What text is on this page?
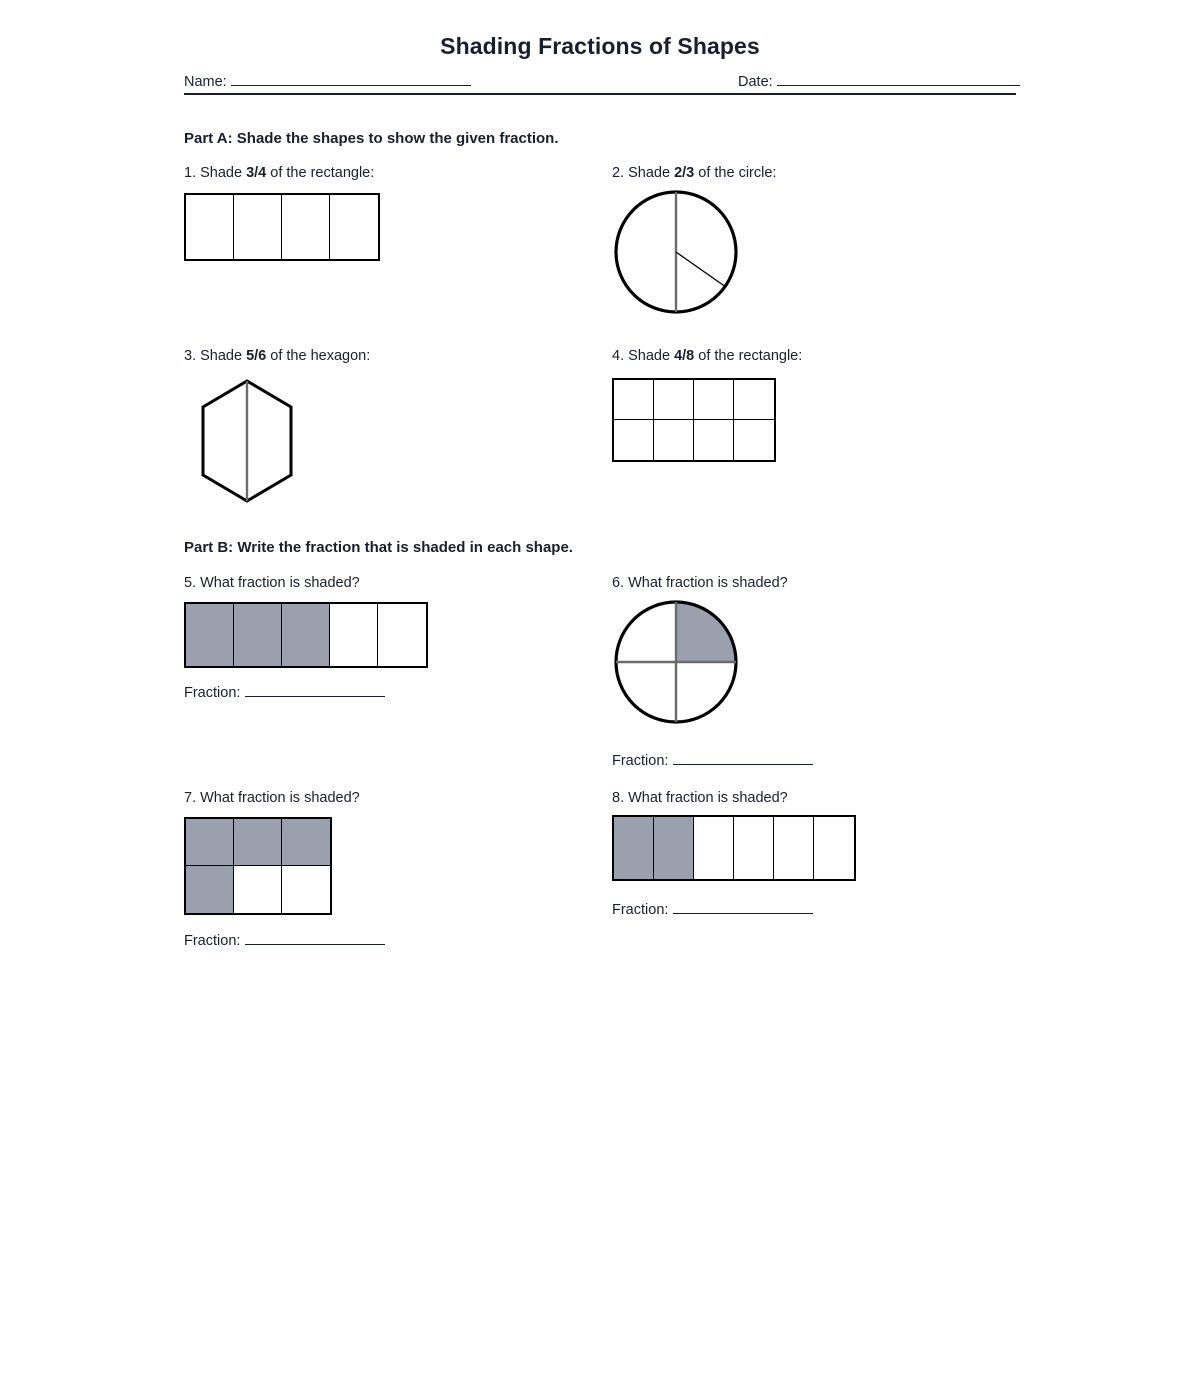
Shading Fractions of Shapes
Name:	Date:
Part A: Shade the shapes to show the given fraction.
1. Shade 3/4 of the rectangle:	2. Shade 2/3 of the circle:
3. Shade 5/6 of the hexagon:	4. Shade 4/8 of the rectangle:
Part B: Write the fraction that is shaded in each shape.
5. What fraction is shaded?
Fraction:
6. What fraction is shaded?
Fraction:
7. What fraction is shaded?
Fraction:
8. What fraction is shaded?
Fraction:
